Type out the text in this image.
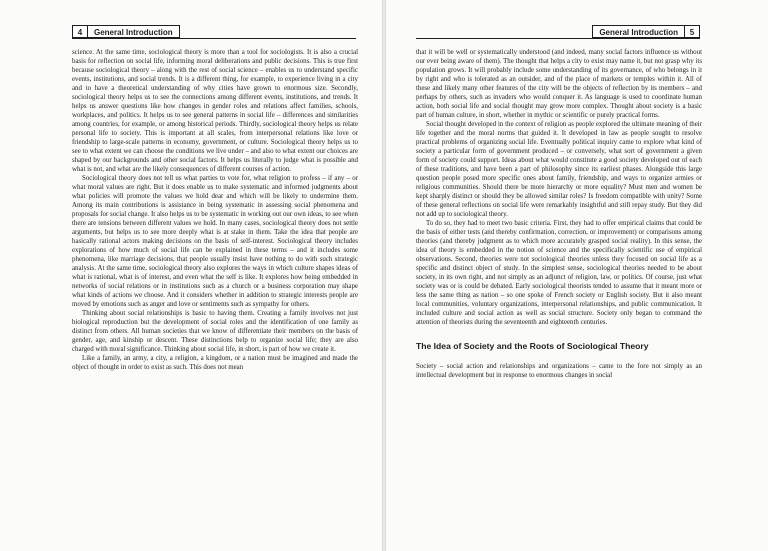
4	General Introduction

science. At the same time, sociological theory is more than a tool for sociologists. It is also a crucial basis for reflection on social life, informing moral deliberations and public decisions. This is true first because sociological theory – along with the rest of social science – enables us to understand specific events, institutions, and social trends. It is a different thing, for example, to experience living in a city and to have a theoretical understanding of why cities have grown to enormous size. Secondly, sociological theory helps us to see the connections among different events, institutions, and trends. It helps us answer questions like how changes in gender roles and relations affect families, schools, workplaces, and politics. It helps us to see general patterns in social life – differences and similarities among countries, for example, or among historical periods. Thirdly, sociological theory helps us relate personal life to society. This is important at all scales, from interpersonal relations like love or friendship to large-scale patterns in economy, government, or culture. Sociological theory helps us to see to what extent we can choose the conditions we live under – and also to what extent our choices are shaped by our backgrounds and other social factors. It helps us literally to judge what is possible and what is not, and what are the likely consequences of different courses of action.

Sociological theory does not tell us what parties to vote for, what religion to profess – if any – or what moral values are right. But it does enable us to make systematic and informed judgments about what policies will promote the values we hold dear and which will be likely to undermine them. Among its main contributions is assistance in being systematic in assessing social phenomena and proposals for social change. It also helps us to be systematic in working out our own ideas, to see when there are tensions between different values we hold. In many cases, sociological theory does not settle arguments, but helps us to see more deeply what is at stake in them. Take the idea that people are basically rational actors making decisions on the basis of self-interest. Sociological theory includes explorations of how much of social life can be explained in these terms – and it includes some phenomena, like marriage decisions, that people usually insist have nothing to do with such strategic analysis. At the same time, sociological theory also explores the ways in which culture shapes ideas of what is rational, what is of interest, and even what the self is like. It explores how being embedded in networks of social relations or in institutions such as a church or a business corporation may shape what kinds of actions we choose. And it considers whether in addition to strategic interests people are moved by emotions such as anger and love or sentiments such as sympathy for others.

Thinking about social relationships is basic to having them. Creating a family involves not just biological reproduction but the development of social roles and the identification of one family as distinct from others. All human societies that we know of differentiate their members on the basis of gender, age, and kinship or descent. These distinctions help to organize social life; they are also charged with moral significance. Thinking about social life, in short, is part of how we create it.

Like a family, an army, a city, a religion, a kingdom, or a nation must be imagined and made the object of thought in order to exist as such. This does not mean

General Introduction	5

that it will be well or systematically understood (and indeed, many social factors influence us without our ever being aware of them). The thought that helps a city to exist may name it, but not grasp why its population grows. It will probably include some understanding of its governance, of who belongs in it by right and who is tolerated as an outsider, and of the place of markets or temples within it. All of these and likely many other features of the city will be the objects of reflection by its members – and perhaps by others, such as invaders who would conquer it. As language is used to coordinate human action, both social life and social thought may grow more complex. Thought about society is a basic part of human culture, in short, whether in mythic or scientific or purely practical forms.

Social thought developed in the context of religion as people explored the ultimate meaning of their life together and the moral norms that guided it. It developed in law as people sought to resolve practical problems of organizing social life. Eventually political inquiry came to explore what kind of society a particular form of government produced – or conversely, what sort of government a given form of society could support. Ideas about what would constitute a good society developed out of each of these traditions, and have been a part of philosophy since its earliest phases. Alongside this large question people posed more specific ones about family, friendship, and ways to organize armies or religious communities. Should there be more hierarchy or more equality? Must men and women be kept sharply distinct or should they be allowed similar roles? Is freedom compatible with unity? Some of these general reflections on social life were remarkably insightful and still repay study. But they did not add up to sociological theory.

To do so, they had to meet two basic criteria. First, they had to offer empirical claims that could be the basis of either tests (and thereby confirmation, correction, or improvement) or comparisons among theories (and thereby judgment as to which more accurately grasped social reality). In this sense, the idea of theory is embedded in the notion of science and the specifically scientific use of empirical observations. Second, theories were not sociological theories unless they focused on social life as a specific and distinct object of study. In the simplest sense, sociological theories needed to be about society, in its own right, and not simply as an adjunct of religion, law, or politics. Of course, just what society was or is could be debated. Early sociological theorists tended to assume that it meant more or less the same thing as nation – so one spoke of French society or English society. But it also meant local communities, voluntary organizations, interpersonal relationships, and public communication. It included culture and social action as well as social structure. Society only began to command the attention of theorists during the seventeenth and eighteenth centuries.

The Idea of Society and the Roots of Sociological Theory

Society – social action and relationships and organizations – came to the fore not simply as an intellectual development but in response to enormous changes in social
